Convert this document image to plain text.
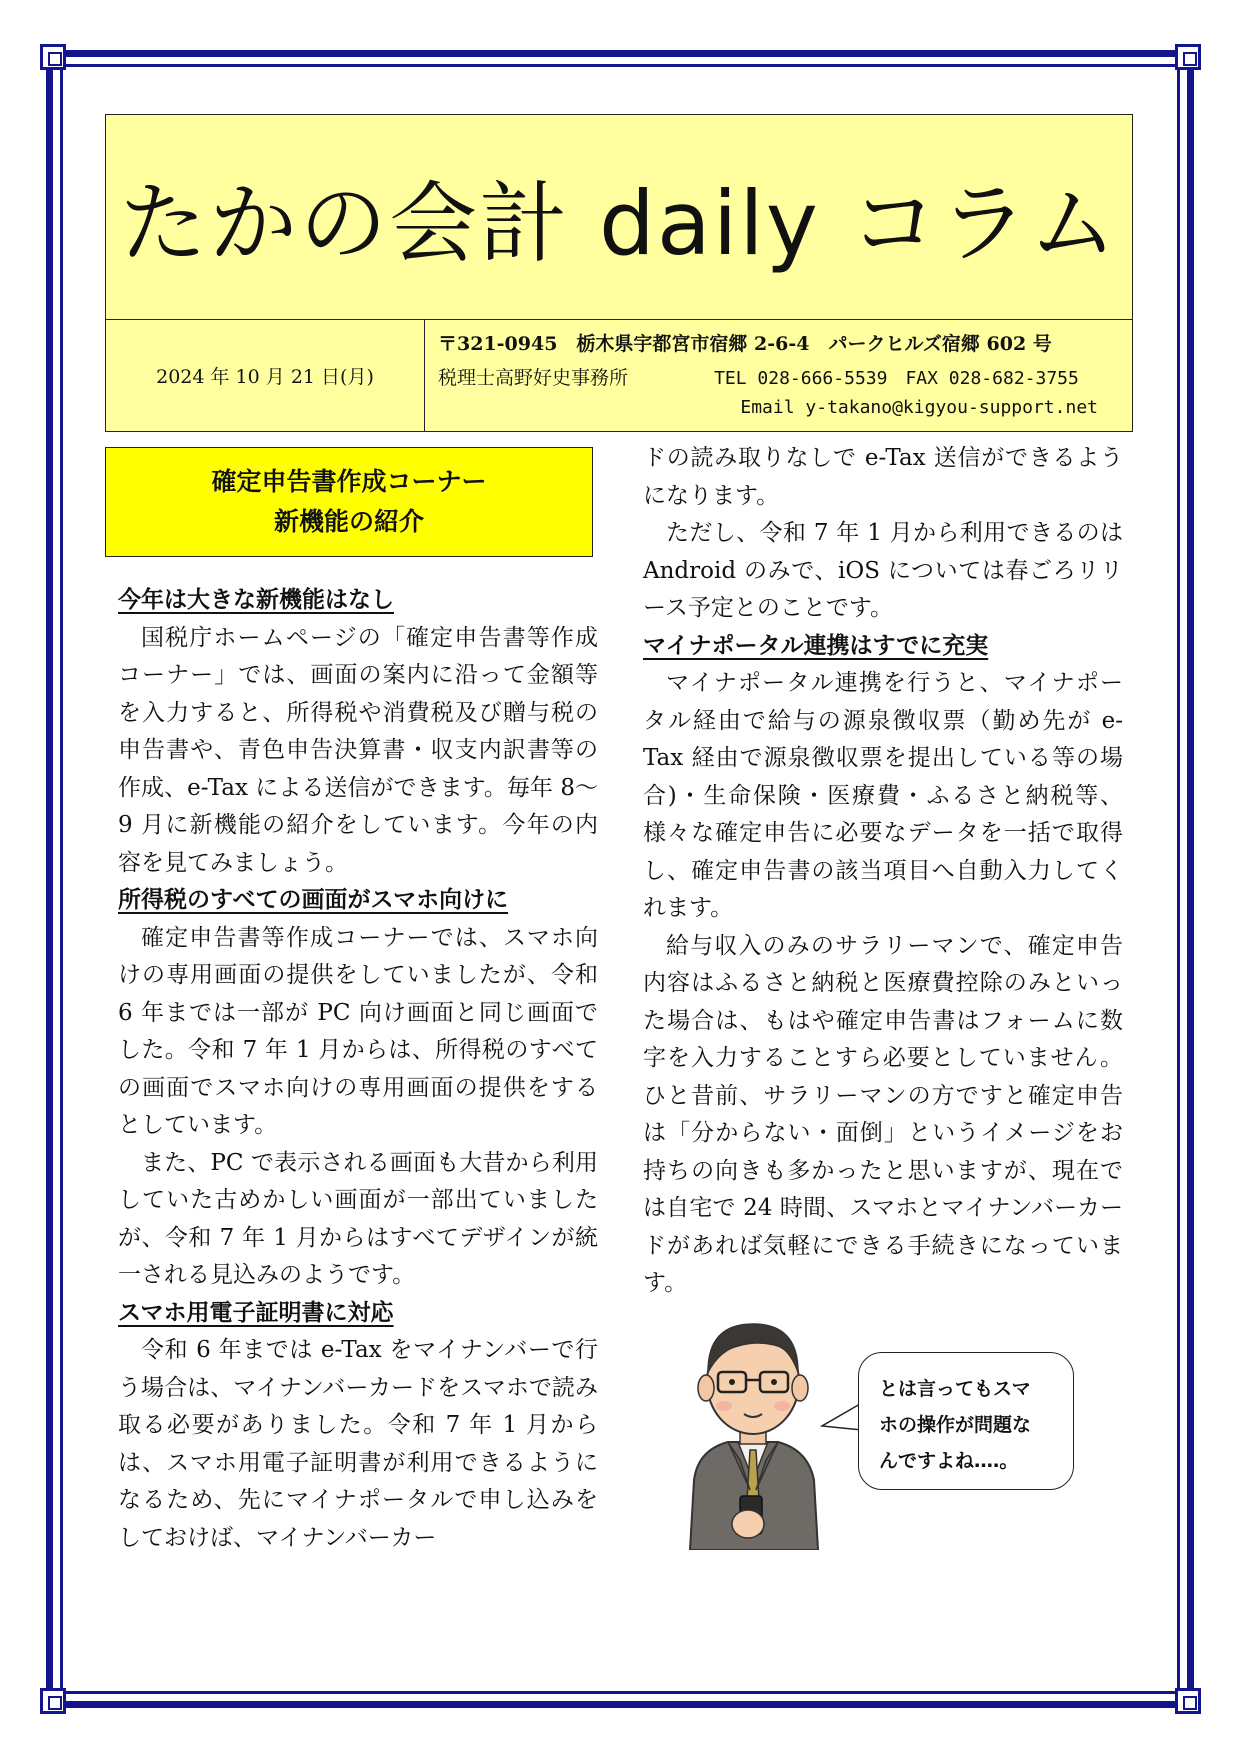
たかの会計 daily コラム
2024 年 10 月 21 日(月)
〒321-0945　栃木県宇都宮市宿郷 2-6-4　パークヒルズ宿郷 602 号
税理士高野好史事務所	TEL 028-666-5539　FAX 028-682-3755
Email y-takano@kigyou-support.net
確定申告書作成コーナー
新機能の紹介
今年は大きな新機能はなし

国税庁ホームページの「確定申告書等作成コーナー」では、画面の案内に沿って金額等を入力すると、所得税や消費税及び贈与税の申告書や、青色申告決算書・収支内訳書等の作成、e-Tax による送信ができます。毎年 8～9 月に新機能の紹介をしています。今年の内容を見てみましょう。

所得税のすべての画面がスマホ向けに

確定申告書等作成コーナーでは、スマホ向けの専用画面の提供をしていましたが、令和 6 年までは一部が PC 向け画面と同じ画面でした。令和 7 年 1 月からは、所得税のすべての画面でスマホ向けの専用画面の提供をするとしています。

また、PC で表示される画面も大昔から利用していた古めかしい画面が一部出ていましたが、令和 7 年 1 月からはすべてデザインが統一される見込みのようです。

スマホ用電子証明書に対応

令和 6 年までは e-Tax をマイナンバーで行う場合は、マイナンバーカードをスマホで読み取る必要がありました。令和 7 年 1 月からは、スマホ用電子証明書が利用できるようになるため、先にマイナポータルで申し込みをしておけば、マイナンバーカー

ドの読み取りなしで e-Tax 送信ができるようになります。

ただし、令和 7 年 1 月から利用できるのは Android のみで、iOS については春ごろリリース予定とのことです。

マイナポータル連携はすでに充実

マイナポータル連携を行うと、マイナポータル経由で給与の源泉徴収票（勤め先が e-Tax 経由で源泉徴収票を提出している等の場合)・生命保険・医療費・ふるさと納税等、様々な確定申告に必要なデータを一括で取得し、確定申告書の該当項目へ自動入力してくれます。

給与収入のみのサラリーマンで、確定申告内容はふるさと納税と医療費控除のみといった場合は、もはや確定申告書はフォームに数字を入力することすら必要としていません。ひと昔前、サラリーマンの方ですと確定申告は「分からない・面倒」というイメージをお持ちの向きも多かったと思いますが、現在では自宅で 24 時間、スマホとマイナンバーカードがあれば気軽にできる手続きになっています。

とは言ってもスマ
ホの操作が問題な
んですよね‥‥。
